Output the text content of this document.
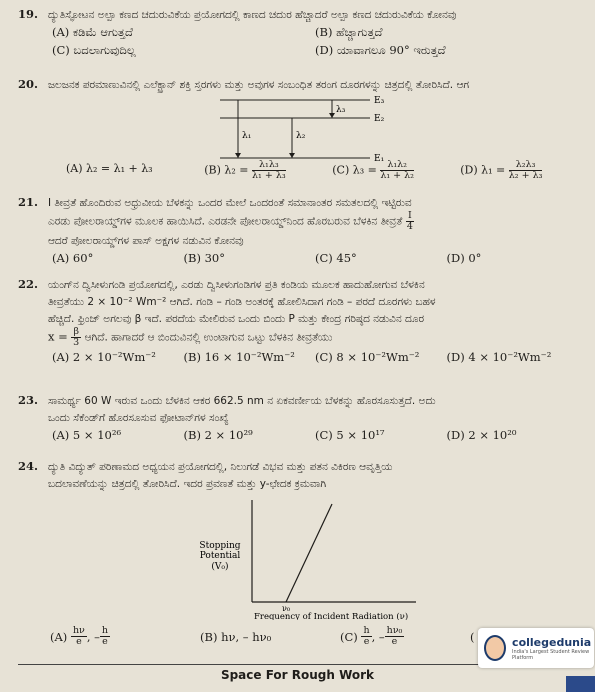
19. ದ್ಯುತಿಸ್ಫೋಟನ ಅಲ್ಪಾ ಕಣದ ಚದುರುವಿಕೆಯ ಪ್ರಯೋಗದಲ್ಲಿ ಕಾಣದ ಚದುರ ಹೆಚ್ಚಾದರೆ ಅಲ್ಪಾ ಕಣದ ಚದುರುವಿಕೆಯ ಕೋನವು
(A) ಕಡಿಮೆ ಆಗುತ್ತದೆ	(B) ಹೆಚ್ಚಾಗುತ್ತದೆ
(C) ಬದಲಾಗುವುದಿಲ್ಲ	(D) ಯಾವಾಗಲೂ 90° ಇರುತ್ತದೆ
20. ಜಲಜನಕ ಪರಮಾಣುವಿನಲ್ಲಿ ಎಲೆಕ್ಟ್ರಾನ್ ಶಕ್ತಿ ಸ್ತರಗಳು ಮತ್ತು ಅವುಗಳ ಸಂಬಂಧಿತ ತರಂಗ ದೂರಗಳನ್ನು ಚಿತ್ರದಲ್ಲಿ ತೋರಿಸಿದೆ. ಆಗ
E₃
E₂
E₁
λ₃
λ₁	λ₂
(A) λ₂ = λ₁ + λ₃	(B) $\lambda_2 = \frac{\text{λ₁λ₃}}{\text{λ₁ + λ₃}}$	(C) $\lambda_3 = \frac{\text{λ₁λ₂}}{\text{λ₁ + λ₂}}$	(D) $\lambda_1 = \frac{\text{λ₂λ₃}}{\text{λ₂ + λ₃}}$
21. I ತೀವ್ರತೆ ಹೊಂದಿರುವ ಅಧ್ರುವೀಯ ಬೆಳಕನ್ನು ಒಂದರ ಮೇಲೆ ಒಂದರಂತೆ ಸಮಾನಾಂತರ ಸಮತಲದಲ್ಲಿ ಇಟ್ಟಿರುವ
ಎರಡು ಪೋಲರಾಯ್ಡ್‌ಗಳ ಮೂಲಕ ಹಾಯಿಸಿದೆ. ಎರಡನೇ ಪೋಲರಾಯ್ಡ್‌ನಿಂದ ಹೊರಬರುವ ಬೆಳಕಿನ ತೀವ್ರತೆ $\frac{I}{4}$
ಆದರೆ ಪೋಲರಾಯ್ಡ್‌ಗಳ ಪಾಸ್ ಅಕ್ಷಗಳ ನಡುವಿನ ಕೋನವು
(A) 60°	(B) 30°	(C) 45°	(D) 0°
22. ಯಂಗ್‌ನ ದ್ವಿಸೀಳುಗಂಡಿ ಪ್ರಯೋಗದಲ್ಲಿ, ಎರಡು ದ್ವಿಸೀಳುಗಂಡಿಗಳ ಪ್ರತಿ ಕಂಡಿಯ ಮೂಲಕ ಹಾದುಹೋಗುವ ಬೆಳಕಿನ
ತೀವ್ರತೆಯು 2 × 10⁻² Wm⁻² ಆಗಿದೆ. ಗಂಡಿ – ಗಂಡಿ ಅಂತರಕ್ಕೆ ಹೋಲಿಸಿದಾಗ ಗಂಡಿ – ಪರದೆ ದೂರಗಳು ಬಹಳ
ಹೆಚ್ಚಿದೆ. ಫ್ರಿಂಜ್ ಅಗಲವು β ಇದೆ. ಪರದೆಯ ಮೇಲಿರುವ ಒಂದು ಬಿಂದು P ಮತ್ತು ಕೇಂದ್ರ ಗರಿಷ್ಠದ ನಡುವಿನ ದೂರ
$x = \frac{\beta}{3}$ ಆಗಿದೆ. ಹಾಗಾದರೆ ಆ ಬಿಂದುವಿನಲ್ಲಿ ಉಂಟಾಗುವ ಒಟ್ಟು ಬೆಳಕಿನ ತೀವ್ರತೆಯು
(A) 2 × 10⁻²Wm⁻²	(B) 16 × 10⁻²Wm⁻²	(C) 8 × 10⁻²Wm⁻²	(D) 4 × 10⁻²Wm⁻²
23. ಸಾಮರ್ಥ್ಯ 60 W ಇರುವ ಒಂದು ಬೆಳಕಿನ ಆಕರ 662.5 nm ನ ಏಕವರ್ಣೀಯ ಬೆಳಕನ್ನು ಹೊರಸೂಸುತ್ತದೆ. ಅದು
ಒಂದು ಸೆಕೆಂಡ್‌ಗೆ ಹೊರಸೂಸುವ ಫೋಟಾನ್‌ಗಳ ಸಂಖ್ಯೆ
(A) 5 × 10²⁶	(B) 2 × 10²⁹	(C) 5 × 10¹⁷	(D) 2 × 10²⁰
24. ದ್ಯುತಿ ವಿದ್ಯುತ್ ಪರಿಣಾಮದ ಅಧ್ಯಯನ ಪ್ರಯೋಗದಲ್ಲಿ, ನಿಲುಗಡೆ ವಿಭವ ಮತ್ತು ಪತನ ವಿಕಿರಣ ಆವೃತ್ತಿಯ
ಬದಲಾವಣೆಯನ್ನು ಚಿತ್ರದಲ್ಲಿ ತೋರಿಸಿದೆ. ಇದರ ಪ್ರವಣತೆ ಮತ್ತು y-ಛೇದಕ ಕ್ರಮವಾಗಿ
Stopping
Potential
(V₀)
ν₀
Frequency of Incident Radiation (ν)
(A)
$\frac{h\nu}{e}$ , – $\frac{h}{e}$	(B) hν, – hν₀	(C)
$\frac{h}{e}$ , – $\frac{\text{hν₀}}{e}$	(
Space For Rough Work
collegedunia
India's Largest Student Review Platform
